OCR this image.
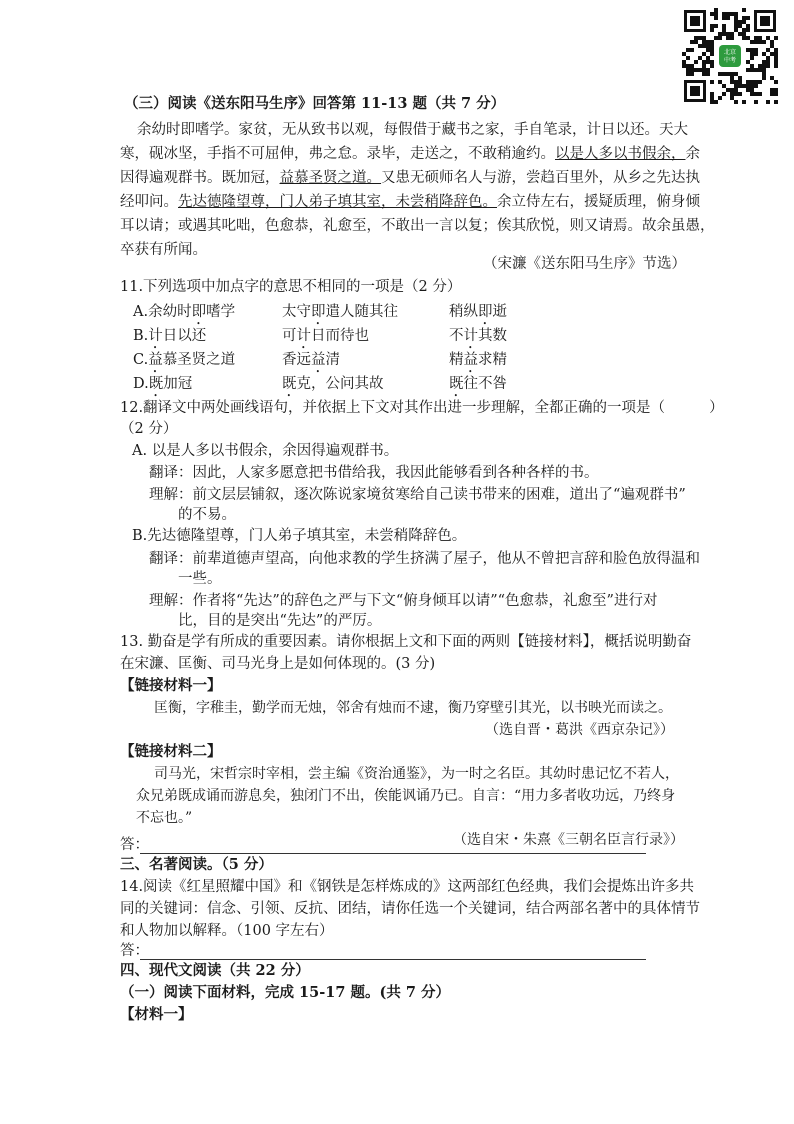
北京
中考
（三）阅读《送东阳马生序》回答第 11-13 题（共 7 分）
余幼时即嗜学。家贫，无从致书以观，每假借于藏书之家，手自笔录，计日以还。天大
寒，砚冰坚，手指不可屈伸，弗之怠。录毕，走送之，不敢稍逾约。以是人多以书假余，余
因得遍观群书。既加冠，益慕圣贤之道。又患无硕师名人与游，尝趋百里外，从乡之先达执
经叩问。先达德隆望尊，门人弟子填其室，未尝稍降辞色。余立侍左右，援疑质理，俯身倾
耳以请；或遇其叱咄，色愈恭，礼愈至，不敢出一言以复；俟其欣悦，则又请焉。故余虽愚，
卒获有所闻。
（宋濂《送东阳马生序》节选）
11.下列选项中加点字的意思不相同的一项是（2 分）
A.余幼时即嗜学	太守即遣人随其往	稍纵即逝
B.计日以还	可计日而待也	不计其数
C.益慕圣贤之道	香远益清	精益求精
D.既加冠	既克，公问其故	既往不咎
12.翻译文中两处画线语句，并依据上下文对其作出进一步理解，全都正确的一项是（	）
（2 分）
A. 以是人多以书假余，余因得遍观群书。
翻译：因此，人家多愿意把书借给我，我因此能够看到各种各样的书。
理解：前文层层铺叙，逐次陈说家境贫寒给自己读书带来的困难，道出了“遍观群书”
的不易。
B.先达德隆望尊，门人弟子填其室，未尝稍降辞色。
翻译：前辈道德声望高，向他求教的学生挤满了屋子，他从不曾把言辞和脸色放得温和
一些。
理解：作者将“先达”的辞色之严与下文“俯身倾耳以请”“色愈恭，礼愈至”进行对
比，目的是突出“先达”的严厉。
13. 勤奋是学有所成的重要因素。请你根据上文和下面的两则【链接材料】，概括说明勤奋
在宋濂、匡衡、司马光身上是如何体现的。(3 分)
【链接材料一】
匡衡，字稚圭，勤学而无烛，邻舍有烛而不逮，衡乃穿壁引其光，以书映光而读之。
（选自晋・葛洪《西京杂记》）
【链接材料二】
司马光，宋哲宗时宰相，尝主编《资治通鉴》，为一时之名臣。其幼时患记忆不若人，
众兄弟既成诵而游息矣，独闭门不出，俟能讽诵乃已。自言：“用力多者收功远，乃终身
不忘也。”
（选自宋・朱熹《三朝名臣言行录》）
答：
三、名著阅读。（5 分）
14.阅读《红星照耀中国》和《钢铁是怎样炼成的》这两部红色经典，我们会提炼出许多共
同的关键词：信念、引领、反抗、团结，请你任选一个关键词，结合两部名著中的具体情节
和人物加以解释。（100 字左右）
答：
四、现代文阅读（共 22 分）
（一）阅读下面材料，完成 15-17 题。(共 7 分）
【材料一】
